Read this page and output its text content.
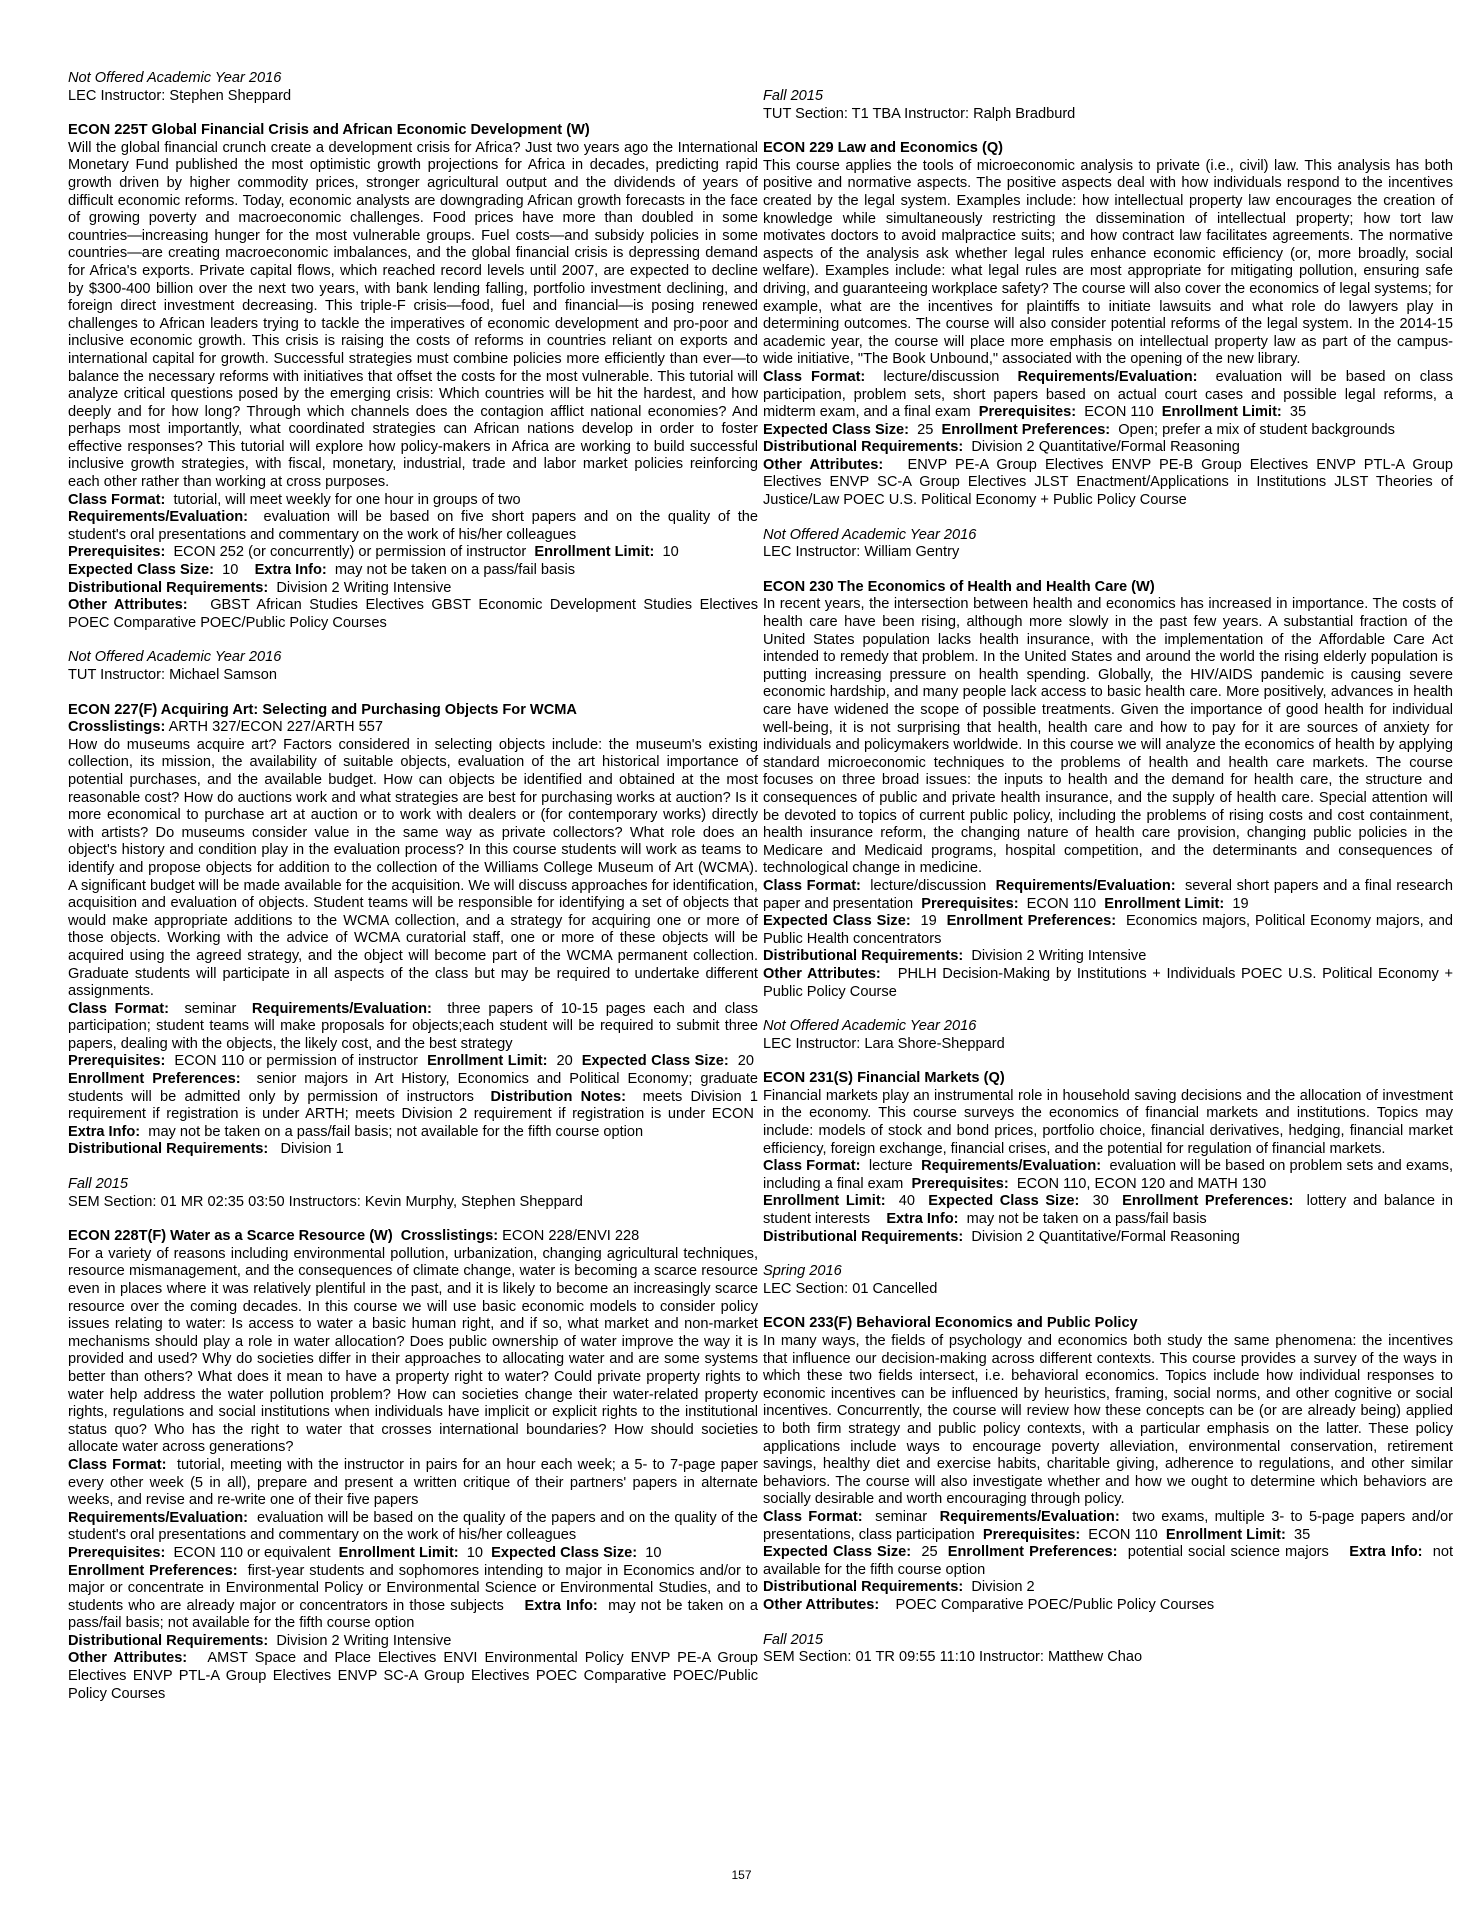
Not Offered Academic Year 2016

LEC Instructor: Stephen Sheppard

ECON 225T Global Financial Crisis and African Economic Development (W)

Will the global financial crunch create a development crisis for Africa? Just two years ago the International Monetary Fund published the most optimistic growth projections for Africa in decades, predicting rapid growth driven by higher commodity prices, stronger agricultural output and the dividends of years of difficult economic reforms. Today, economic analysts are downgrading African growth forecasts in the face of growing poverty and macroeconomic challenges. Food prices have more than doubled in some countries—increasing hunger for the most vulnerable groups. Fuel costs—and subsidy policies in some countries—are creating macroeconomic imbalances, and the global financial crisis is depressing demand for Africa's exports. Private capital flows, which reached record levels until 2007, are expected to decline by $300-400 billion over the next two years, with bank lending falling, portfolio investment declining, and foreign direct investment decreasing. This triple-F crisis—food, fuel and financial—is posing renewed challenges to African leaders trying to tackle the imperatives of economic development and pro-poor and inclusive economic growth. This crisis is raising the costs of reforms in countries reliant on exports and international capital for growth. Successful strategies must combine policies more efficiently than ever—to balance the necessary reforms with initiatives that offset the costs for the most vulnerable. This tutorial will analyze critical questions posed by the emerging crisis: Which countries will be hit the hardest, and how deeply and for how long? Through which channels does the contagion afflict national economies? And perhaps most importantly, what coordinated strategies can African nations develop in order to foster effective responses? This tutorial will explore how policy-makers in Africa are working to build successful inclusive growth strategies, with fiscal, monetary, industrial, trade and labor market policies reinforcing each other rather than working at cross purposes.

Class Format: tutorial, will meet weekly for one hour in groups of two

Requirements/Evaluation: evaluation will be based on five short papers and on the quality of the student's oral presentations and commentary on the work of his/her colleagues

Prerequisites: ECON 252 (or concurrently) or permission of instructor Enrollment Limit: 10

Expected Class Size: 10 Extra Info: may not be taken on a pass/fail basis

Distributional Requirements: Division 2 Writing Intensive

Other Attributes: GBST African Studies Electives GBST Economic Development Studies Electives POEC Comparative POEC/Public Policy Courses

Not Offered Academic Year 2016

TUT Instructor: Michael Samson

ECON 227(F) Acquiring Art: Selecting and Purchasing Objects For WCMA

Crosslistings: ARTH 327/ECON 227/ARTH 557

How do museums acquire art? Factors considered in selecting objects include: the museum's existing collection, its mission, the availability of suitable objects, evaluation of the art historical importance of potential purchases, and the available budget. How can objects be identified and obtained at the most reasonable cost? How do auctions work and what strategies are best for purchasing works at auction? Is it more economical to purchase art at auction or to work with dealers or (for contemporary works) directly with artists? Do museums consider value in the same way as private collectors? What role does an object's history and condition play in the evaluation process? In this course students will work as teams to identify and propose objects for addition to the collection of the Williams College Museum of Art (WCMA). A significant budget will be made available for the acquisition. We will discuss approaches for identification, acquisition and evaluation of objects. Student teams will be responsible for identifying a set of objects that would make appropriate additions to the WCMA collection, and a strategy for acquiring one or more of those objects. Working with the advice of WCMA curatorial staff, one or more of these objects will be acquired using the agreed strategy, and the object will become part of the WCMA permanent collection. Graduate students will participate in all aspects of the class but may be required to undertake different assignments.

Class Format: seminar Requirements/Evaluation: three papers of 10-15 pages each and class participation; student teams will make proposals for objects;each student will be required to submit three papers, dealing with the objects, the likely cost, and the best strategy
Prerequisites: ECON 110 or permission of instructor Enrollment Limit: 20 Expected Class Size: 20  Enrollment Preferences: senior majors in Art History, Economics and Political Economy; graduate students will be admitted only by permission of instructors Distribution Notes: meets Division 1 requirement if registration is under ARTH; meets Division 2 requirement if registration is under ECON  Extra Info: may not be taken on a pass/fail basis; not available for the fifth course option

Distributional Requirements: Division 1

Fall 2015

SEM Section: 01 MR 02:35 03:50 Instructors: Kevin Murphy, Stephen Sheppard

ECON 228T(F) Water as a Scarce Resource (W) Crosslistings: ECON 228/ENVI 228

For a variety of reasons including environmental pollution, urbanization, changing agricultural techniques, resource mismanagement, and the consequences of climate change, water is becoming a scarce resource even in places where it was relatively plentiful in the past, and it is likely to become an increasingly scarce resource over the coming decades. In this course we will use basic economic models to consider policy issues relating to water: Is access to water a basic human right, and if so, what market and non-market mechanisms should play a role in water allocation? Does public ownership of water improve the way it is provided and used? Why do societies differ in their approaches to allocating water and are some systems better than others? What does it mean to have a property right to water? Could private property rights to water help address the water pollution problem? How can societies change their water-related property rights, regulations and social institutions when individuals have implicit or explicit rights to the institutional status quo? Who has the right to water that crosses international boundaries? How should societies allocate water across generations?

Class Format: tutorial, meeting with the instructor in pairs for an hour each week; a 5- to 7-page paper every other week (5 in all), prepare and present a written critique of their partners' papers in alternate weeks, and revise and re-write one of their five papers

Requirements/Evaluation: evaluation will be based on the quality of the papers and on the quality of the student's oral presentations and commentary on the work of his/her colleagues
Prerequisites: ECON 110 or equivalent Enrollment Limit: 10 Expected Class Size: 10
Enrollment Preferences: first-year students and sophomores intending to major in Economics and/or to major or concentrate in Environmental Policy or Environmental Science or Environmental Studies, and to students who are already major or concentrators in those subjects Extra Info: may not be taken on a pass/fail basis; not available for the fifth course option

Distributional Requirements: Division 2 Writing Intensive

Other Attributes: AMST Space and Place Electives ENVI Environmental Policy ENVP PE-A Group Electives ENVP PTL-A Group Electives ENVP SC-A Group Electives POEC Comparative POEC/Public Policy Courses

Fall 2015

TUT Section: T1 TBA Instructor: Ralph Bradburd

ECON 229 Law and Economics (Q)

This course applies the tools of microeconomic analysis to private (i.e., civil) law. This analysis has both positive and normative aspects. The positive aspects deal with how individuals respond to the incentives created by the legal system. Examples include: how intellectual property law encourages the creation of knowledge while simultaneously restricting the dissemination of intellectual property; how tort law motivates doctors to avoid malpractice suits; and how contract law facilitates agreements. The normative aspects of the analysis ask whether legal rules enhance economic efficiency (or, more broadly, social welfare). Examples include: what legal rules are most appropriate for mitigating pollution, ensuring safe driving, and guaranteeing workplace safety? The course will also cover the economics of legal systems; for example, what are the incentives for plaintiffs to initiate lawsuits and what role do lawyers play in determining outcomes. The course will also consider potential reforms of the legal system. In the 2014-15 academic year, the course will place more emphasis on intellectual property law as part of the campus-wide initiative, "The Book Unbound," associated with the opening of the new library.

Class Format: lecture/discussion Requirements/Evaluation: evaluation will be based on class participation, problem sets, short papers based on actual court cases and possible legal reforms, a midterm exam, and a final exam Prerequisites: ECON 110 Enrollment Limit: 35
Expected Class Size: 25 Enrollment Preferences: Open; prefer a mix of student backgrounds

Distributional Requirements: Division 2 Quantitative/Formal Reasoning

Other Attributes: ENVP PE-A Group Electives ENVP PE-B Group Electives ENVP PTL-A Group Electives ENVP SC-A Group Electives JLST Enactment/Applications in Institutions JLST Theories of Justice/Law POEC U.S. Political Economy + Public Policy Course

Not Offered Academic Year 2016

LEC Instructor: William Gentry

ECON 230 The Economics of Health and Health Care (W)

In recent years, the intersection between health and economics has increased in importance. The costs of health care have been rising, although more slowly in the past few years. A substantial fraction of the United States population lacks health insurance, with the implementation of the Affordable Care Act intended to remedy that problem. In the United States and around the world the rising elderly population is putting increasing pressure on health spending. Globally, the HIV/AIDS pandemic is causing severe economic hardship, and many people lack access to basic health care. More positively, advances in health care have widened the scope of possible treatments. Given the importance of good health for individual well-being, it is not surprising that health, health care and how to pay for it are sources of anxiety for individuals and policymakers worldwide. In this course we will analyze the economics of health by applying standard microeconomic techniques to the problems of health and health care markets. The course focuses on three broad issues: the inputs to health and the demand for health care, the structure and consequences of public and private health insurance, and the supply of health care. Special attention will be devoted to topics of current public policy, including the problems of rising costs and cost containment, health insurance reform, the changing nature of health care provision, changing public policies in the Medicare and Medicaid programs, hospital competition, and the determinants and consequences of technological change in medicine.

Class Format: lecture/discussion Requirements/Evaluation: several short papers and a final research paper and presentation Prerequisites: ECON 110 Enrollment Limit: 19
Expected Class Size: 19 Enrollment Preferences: Economics majors, Political Economy majors, and Public Health concentrators

Distributional Requirements: Division 2 Writing Intensive

Other Attributes: PHLH Decision-Making by Institutions + Individuals POEC U.S. Political Economy + Public Policy Course

Not Offered Academic Year 2016

LEC Instructor: Lara Shore-Sheppard

ECON 231(S) Financial Markets (Q)

Financial markets play an instrumental role in household saving decisions and the allocation of investment in the economy. This course surveys the economics of financial markets and institutions. Topics may include: models of stock and bond prices, portfolio choice, financial derivatives, hedging, financial market efficiency, foreign exchange, financial crises, and the potential for regulation of financial markets.

Class Format: lecture Requirements/Evaluation: evaluation will be based on problem sets and exams, including a final exam Prerequisites: ECON 110, ECON 120 and MATH 130
Enrollment Limit: 40 Expected Class Size: 30 Enrollment Preferences: lottery and balance in student interests Extra Info: may not be taken on a pass/fail basis

Distributional Requirements: Division 2 Quantitative/Formal Reasoning

Spring 2016

LEC Section: 01 Cancelled

ECON 233(F) Behavioral Economics and Public Policy

In many ways, the fields of psychology and economics both study the same phenomena: the incentives that influence our decision-making across different contexts. This course provides a survey of the ways in which these two fields intersect, i.e. behavioral economics. Topics include how individual responses to economic incentives can be influenced by heuristics, framing, social norms, and other cognitive or social incentives. Concurrently, the course will review how these concepts can be (or are already being) applied to both firm strategy and public policy contexts, with a particular emphasis on the latter. These policy applications include ways to encourage poverty alleviation, environmental conservation, retirement savings, healthy diet and exercise habits, charitable giving, adherence to regulations, and other similar behaviors. The course will also investigate whether and how we ought to determine which behaviors are socially desirable and worth encouraging through policy.

Class Format: seminar Requirements/Evaluation: two exams, multiple 3- to 5-page papers and/or presentations, class participation Prerequisites: ECON 110 Enrollment Limit: 35
Expected Class Size: 25 Enrollment Preferences: potential social science majors Extra Info: not available for the fifth course option

Distributional Requirements: Division 2

Other Attributes: POEC Comparative POEC/Public Policy Courses

Fall 2015

SEM Section: 01 TR 09:55 11:10 Instructor: Matthew Chao

157
